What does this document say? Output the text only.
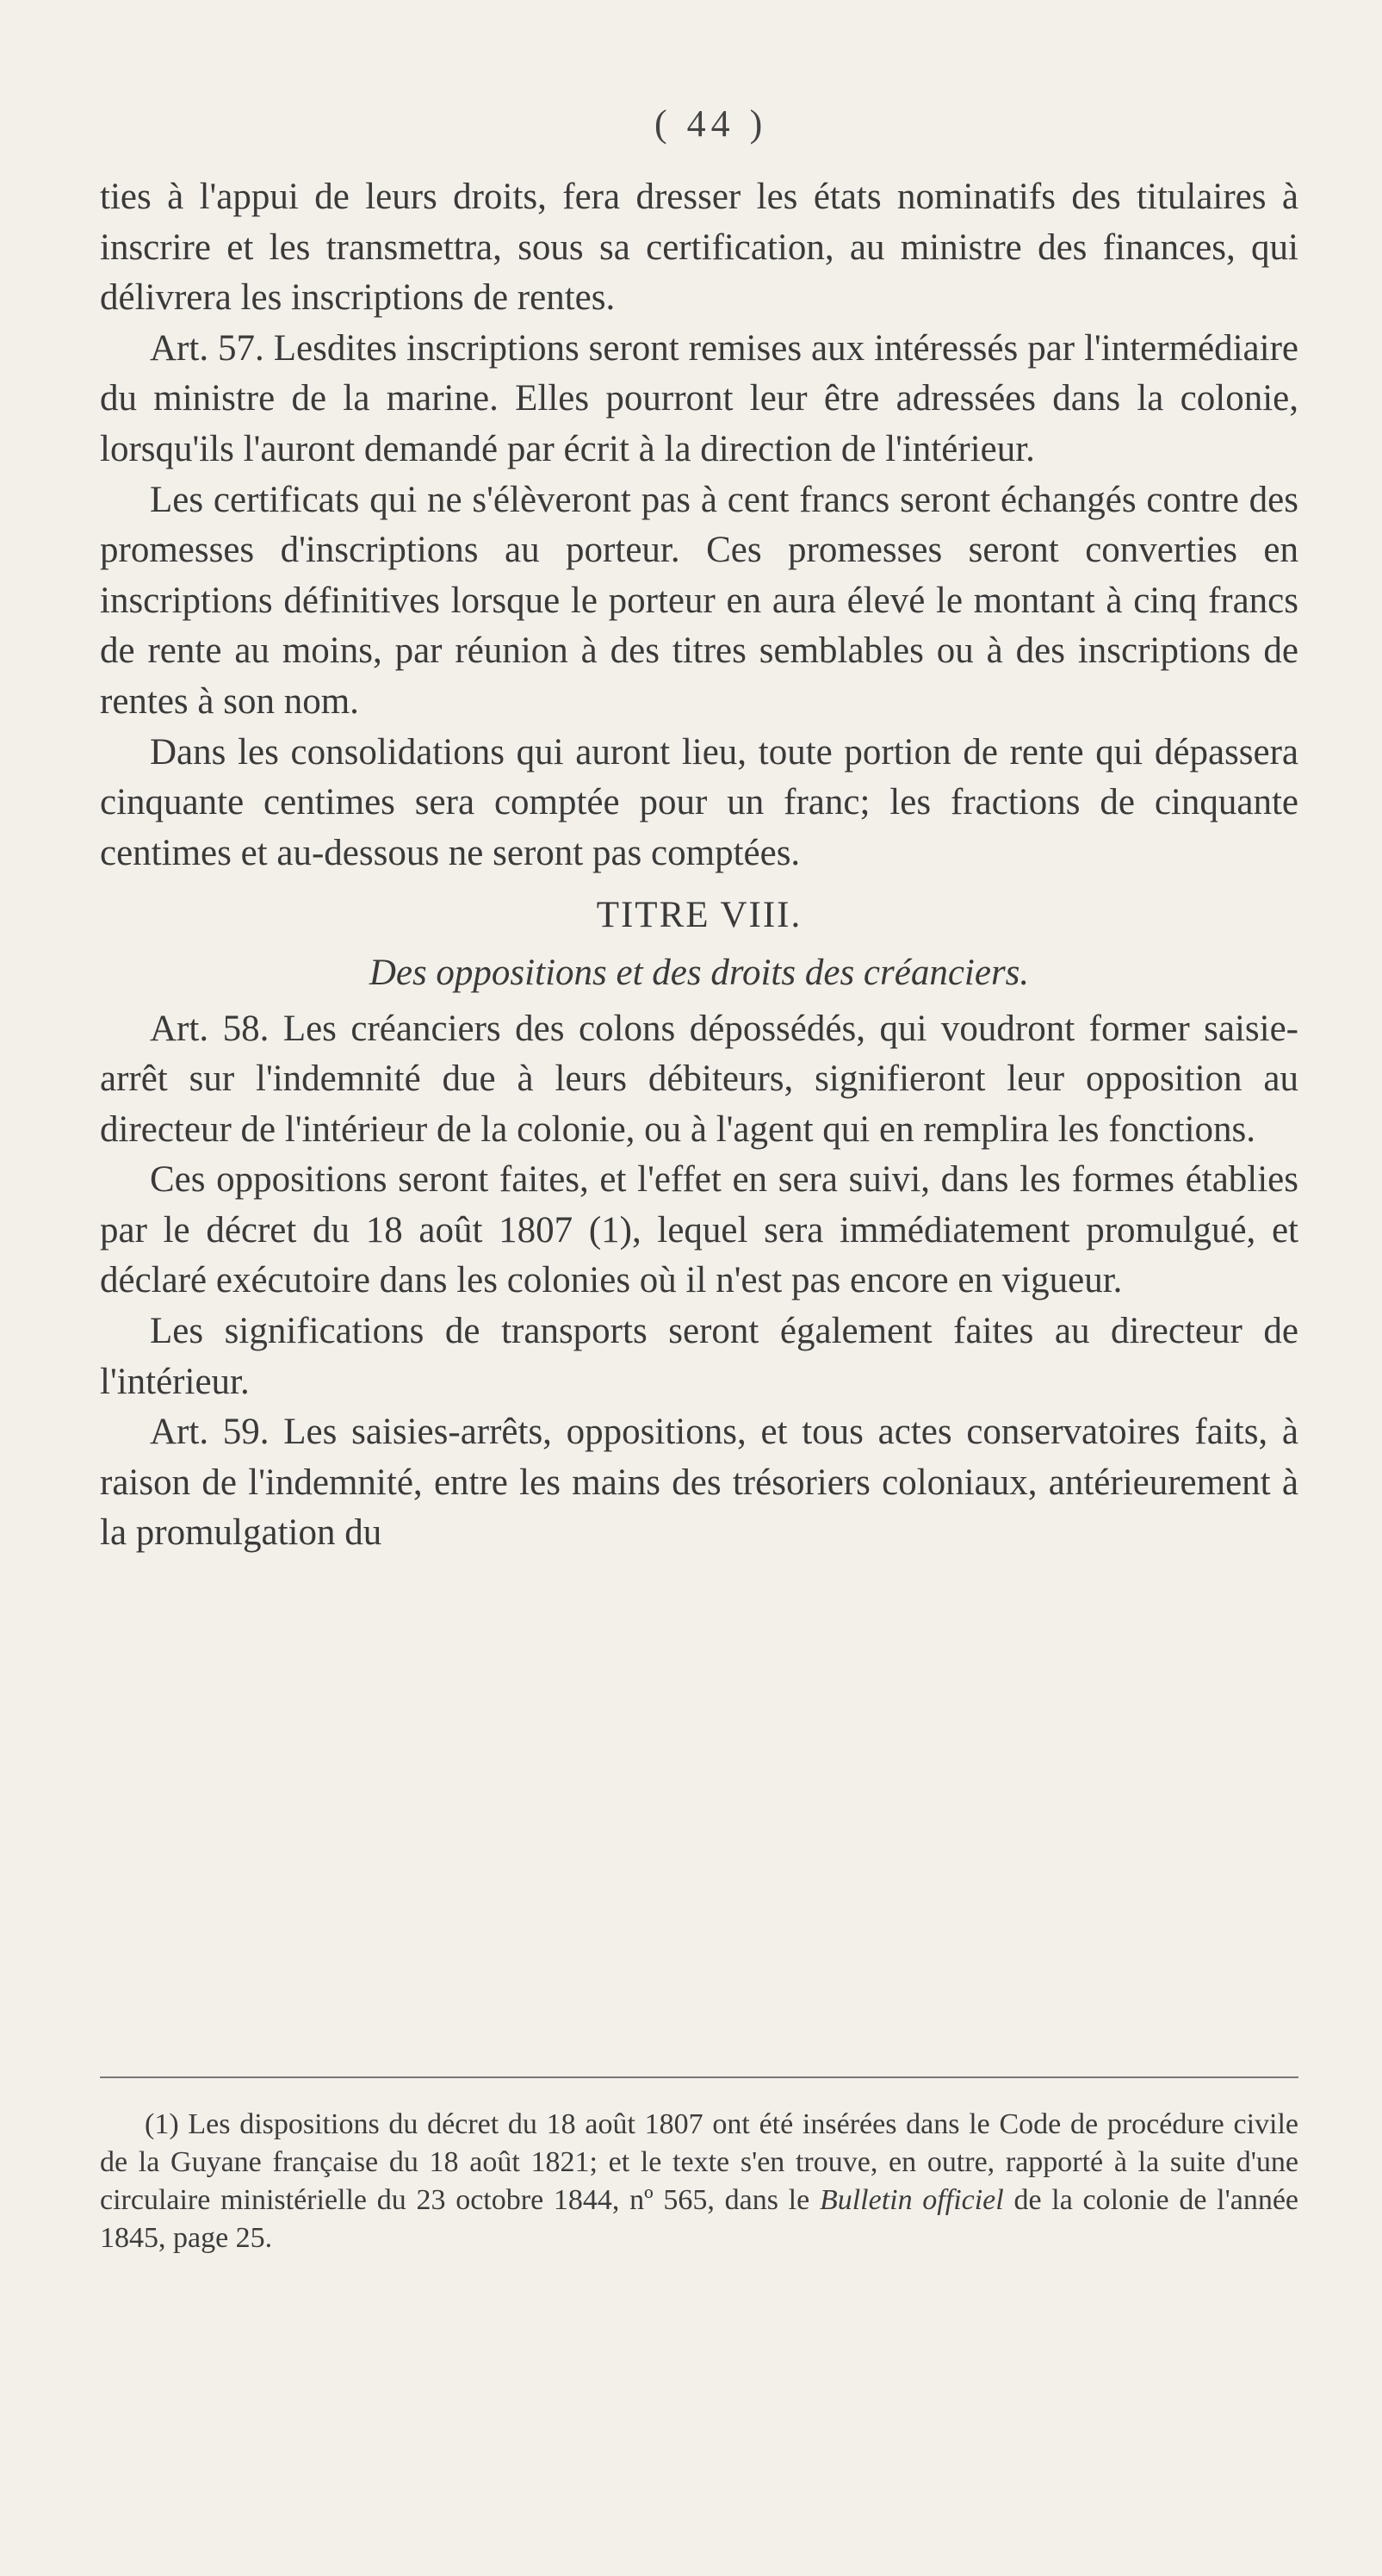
( 44 )

ties à l'appui de leurs droits, fera dresser les états nominatifs des titulaires à inscrire et les transmettra, sous sa certification, au ministre des finances, qui délivrera les inscriptions de rentes.

Art. 57. Lesdites inscriptions seront remises aux intéressés par l'intermédiaire du ministre de la marine. Elles pourront leur être adressées dans la colonie, lorsqu'ils l'auront demandé par écrit à la direction de l'intérieur.

Les certificats qui ne s'élèveront pas à cent francs seront échangés contre des promesses d'inscriptions au porteur. Ces promesses seront converties en inscriptions définitives lorsque le porteur en aura élevé le montant à cinq francs de rente au moins, par réunion à des titres semblables ou à des inscriptions de rentes à son nom.

Dans les consolidations qui auront lieu, toute portion de rente qui dépassera cinquante centimes sera comptée pour un franc; les fractions de cinquante centimes et au-dessous ne seront pas comptées.

TITRE VIII.

Des oppositions et des droits des créanciers.

Art. 58. Les créanciers des colons dépossédés, qui voudront former saisie-arrêt sur l'indemnité due à leurs débiteurs, signifieront leur opposition au directeur de l'intérieur de la colonie, ou à l'agent qui en remplira les fonctions.

Ces oppositions seront faites, et l'effet en sera suivi, dans les formes établies par le décret du 18 août 1807 (1), lequel sera immédiatement promulgué, et déclaré exécutoire dans les colonies où il n'est pas encore en vigueur.

Les significations de transports seront également faites au directeur de l'intérieur.

Art. 59. Les saisies-arrêts, oppositions, et tous actes conservatoires faits, à raison de l'indemnité, entre les mains des trésoriers coloniaux, antérieurement à la promulgation du

(1) Les dispositions du décret du 18 août 1807 ont été insérées dans le Code de procédure civile de la Guyane française du 18 août 1821; et le texte s'en trouve, en outre, rapporté à la suite d'une circulaire ministérielle du 23 octobre 1844, nº 565, dans le Bulletin officiel de la colonie de l'année 1845, page 25.
